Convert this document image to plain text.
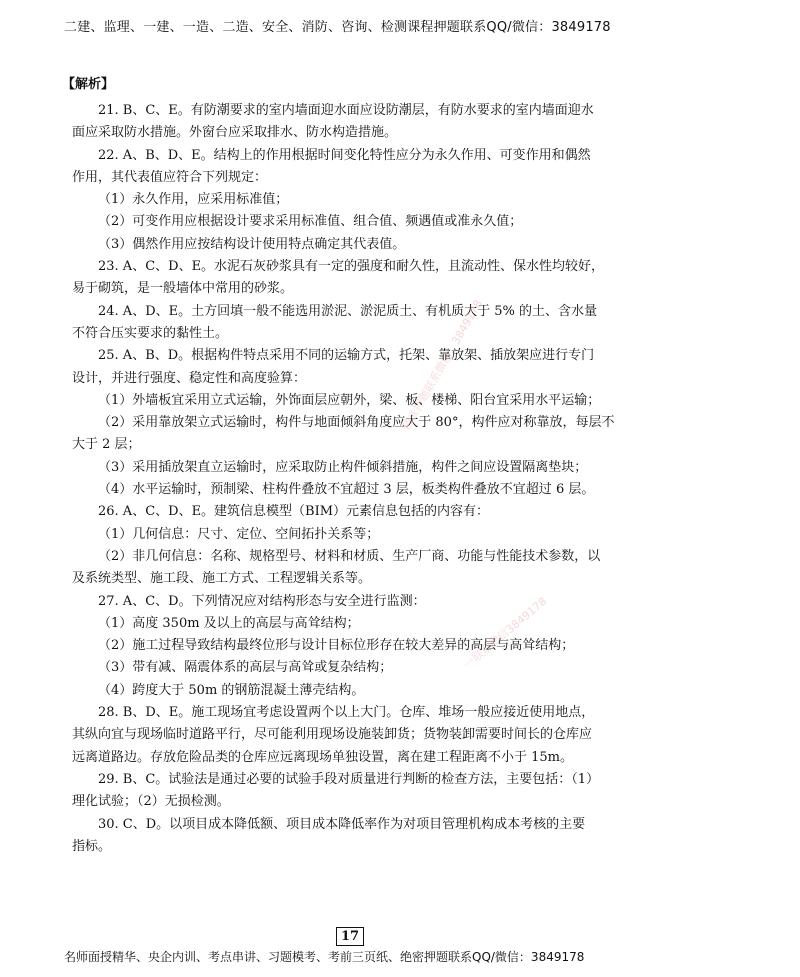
二建、监理、一建、一造、二造、安全、消防、咨询、检测课程押题联系QQ/微信：3849178
【解析】
21. B、C、E。有防潮要求的室内墙面迎水面应设防潮层，有防水要求的室内墙面迎水
面应采取防水措施。外窗台应采取排水、防水构造措施。
22. A、B、D、E。结构上的作用根据时间变化特性应分为永久作用、可变作用和偶然
作用，其代表值应符合下列规定：
（1）永久作用，应采用标准值；
（2）可变作用应根据设计要求采用标准值、组合值、频遇值或准永久值；
（3）偶然作用应按结构设计使用特点确定其代表值。
23. A、C、D、E。水泥石灰砂浆具有一定的强度和耐久性，且流动性、保水性均较好，
易于砌筑，是一般墙体中常用的砂浆。
24. A、D、E。土方回填一般不能选用淤泥、淤泥质土、有机质大于 5% 的土、含水量
不符合压实要求的黏性土。
25. A、B、D。根据构件特点采用不同的运输方式，托架、靠放架、插放架应进行专门
设计，并进行强度、稳定性和高度验算：
（1）外墙板宜采用立式运输，外饰面层应朝外，梁、板、楼梯、阳台宜采用水平运输；
（2）采用靠放架立式运输时，构件与地面倾斜角度应大于 80°，构件应对称靠放，每层不
大于 2 层；
（3）采用插放架直立运输时，应采取防止构件倾斜措施，构件之间应设置隔离垫块；
（4）水平运输时，预制梁、柱构件叠放不宜超过 3 层，板类构件叠放不宜超过 6 层。
26. A、C、D、E。建筑信息模型（BIM）元素信息包括的内容有：
（1）几何信息：尺寸、定位、空间拓扑关系等；
（2）非几何信息：名称、规格型号、材料和材质、生产厂商、功能与性能技术参数，以
及系统类型、施工段、施工方式、工程逻辑关系等。
27. A、C、D。下列情况应对结构形态与安全进行监测：
（1）高度 350m 及以上的高层与高耸结构；
（2）施工过程导致结构最终位形与设计目标位形存在较大差异的高层与高耸结构；
（3）带有减、隔震体系的高层与高耸或复杂结构；
（4）跨度大于 50m 的钢筋混凝土薄壳结构。
28. B、D、E。施工现场宜考虑设置两个以上大门。仓库、堆场一般应接近使用地点，
其纵向宜与现场临时道路平行，尽可能利用现场设施装卸货；货物装卸需要时间长的仓库应
远离道路边。存放危险品类的仓库应远离现场单独设置，离在建工程距离不小于 15m。
29. B、C。试验法是通过必要的试验手段对质量进行判断的检查方法，主要包括：（1）
理化试验；（2）无损检测。
30. C、D。以项目成本降低额、项目成本降低率作为对项目管理机构成本考核的主要
指标。
精准押题联系微信：3849178
一联系微信3849178
17
名师面授精华、央企内训、考点串讲、习题模考、考前三页纸、绝密押题联系QQ/微信：3849178
